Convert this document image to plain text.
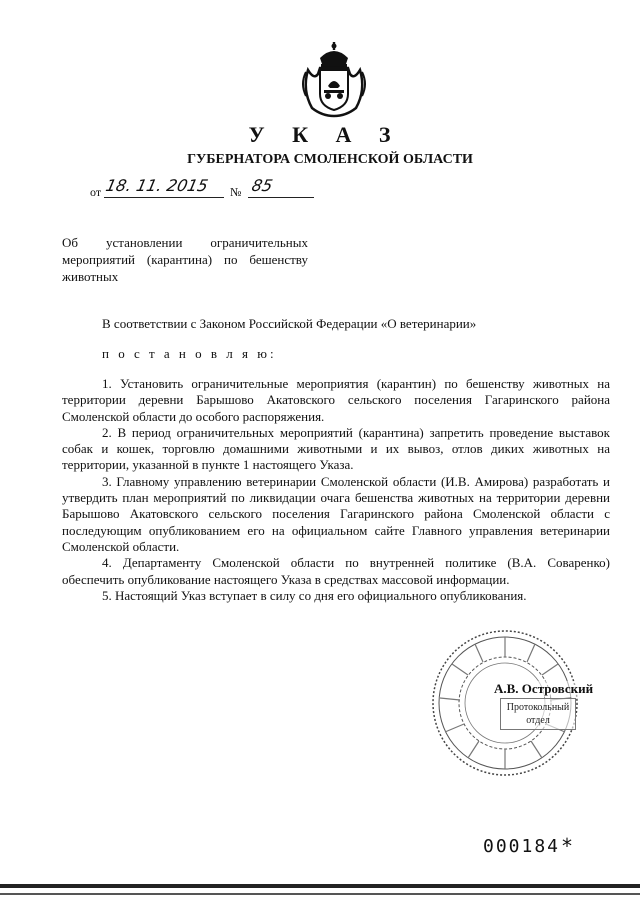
У К А З
ГУБЕРНАТОРА СМОЛЕНСКОЙ ОБЛАСТИ
от 18. 11. 2015 № 85
Об установлении ограничительных мероприятий (карантина) по бешенству животных
В соответствии с Законом Российской Федерации «О ветеринарии»
п о с т а н о в л я ю:

1. Установить ограничительные мероприятия (карантин) по бешенству животных на территории деревни Барышово Акатовского сельского поселения Гагаринского района Смоленской области до особого распоряжения.

2. В период ограничительных мероприятий (карантина) запретить проведение выставок собак и кошек, торговлю домашними животными и их вывоз, отлов диких животных на территории, указанной в пункте 1 настоящего Указа.

3. Главному управлению ветеринарии Смоленской области (И.В. Амирова) разработать и утвердить план мероприятий по ликвидации очага бешенства животных на территории деревни Барышово Акатовского сельского поселения Гагаринского района Смоленской области с последующим опубликованием его на официальном сайте Главного управления ветеринарии Смоленской области.

4. Департаменту Смоленской области по внутренней политике (В.А. Соваренко) обеспечить опубликование настоящего Указа в средствах массовой информации.

5. Настоящий Указ вступает в силу со дня его официального опубликования.

А.В. Островский
Протокольный отдел
000184 *
